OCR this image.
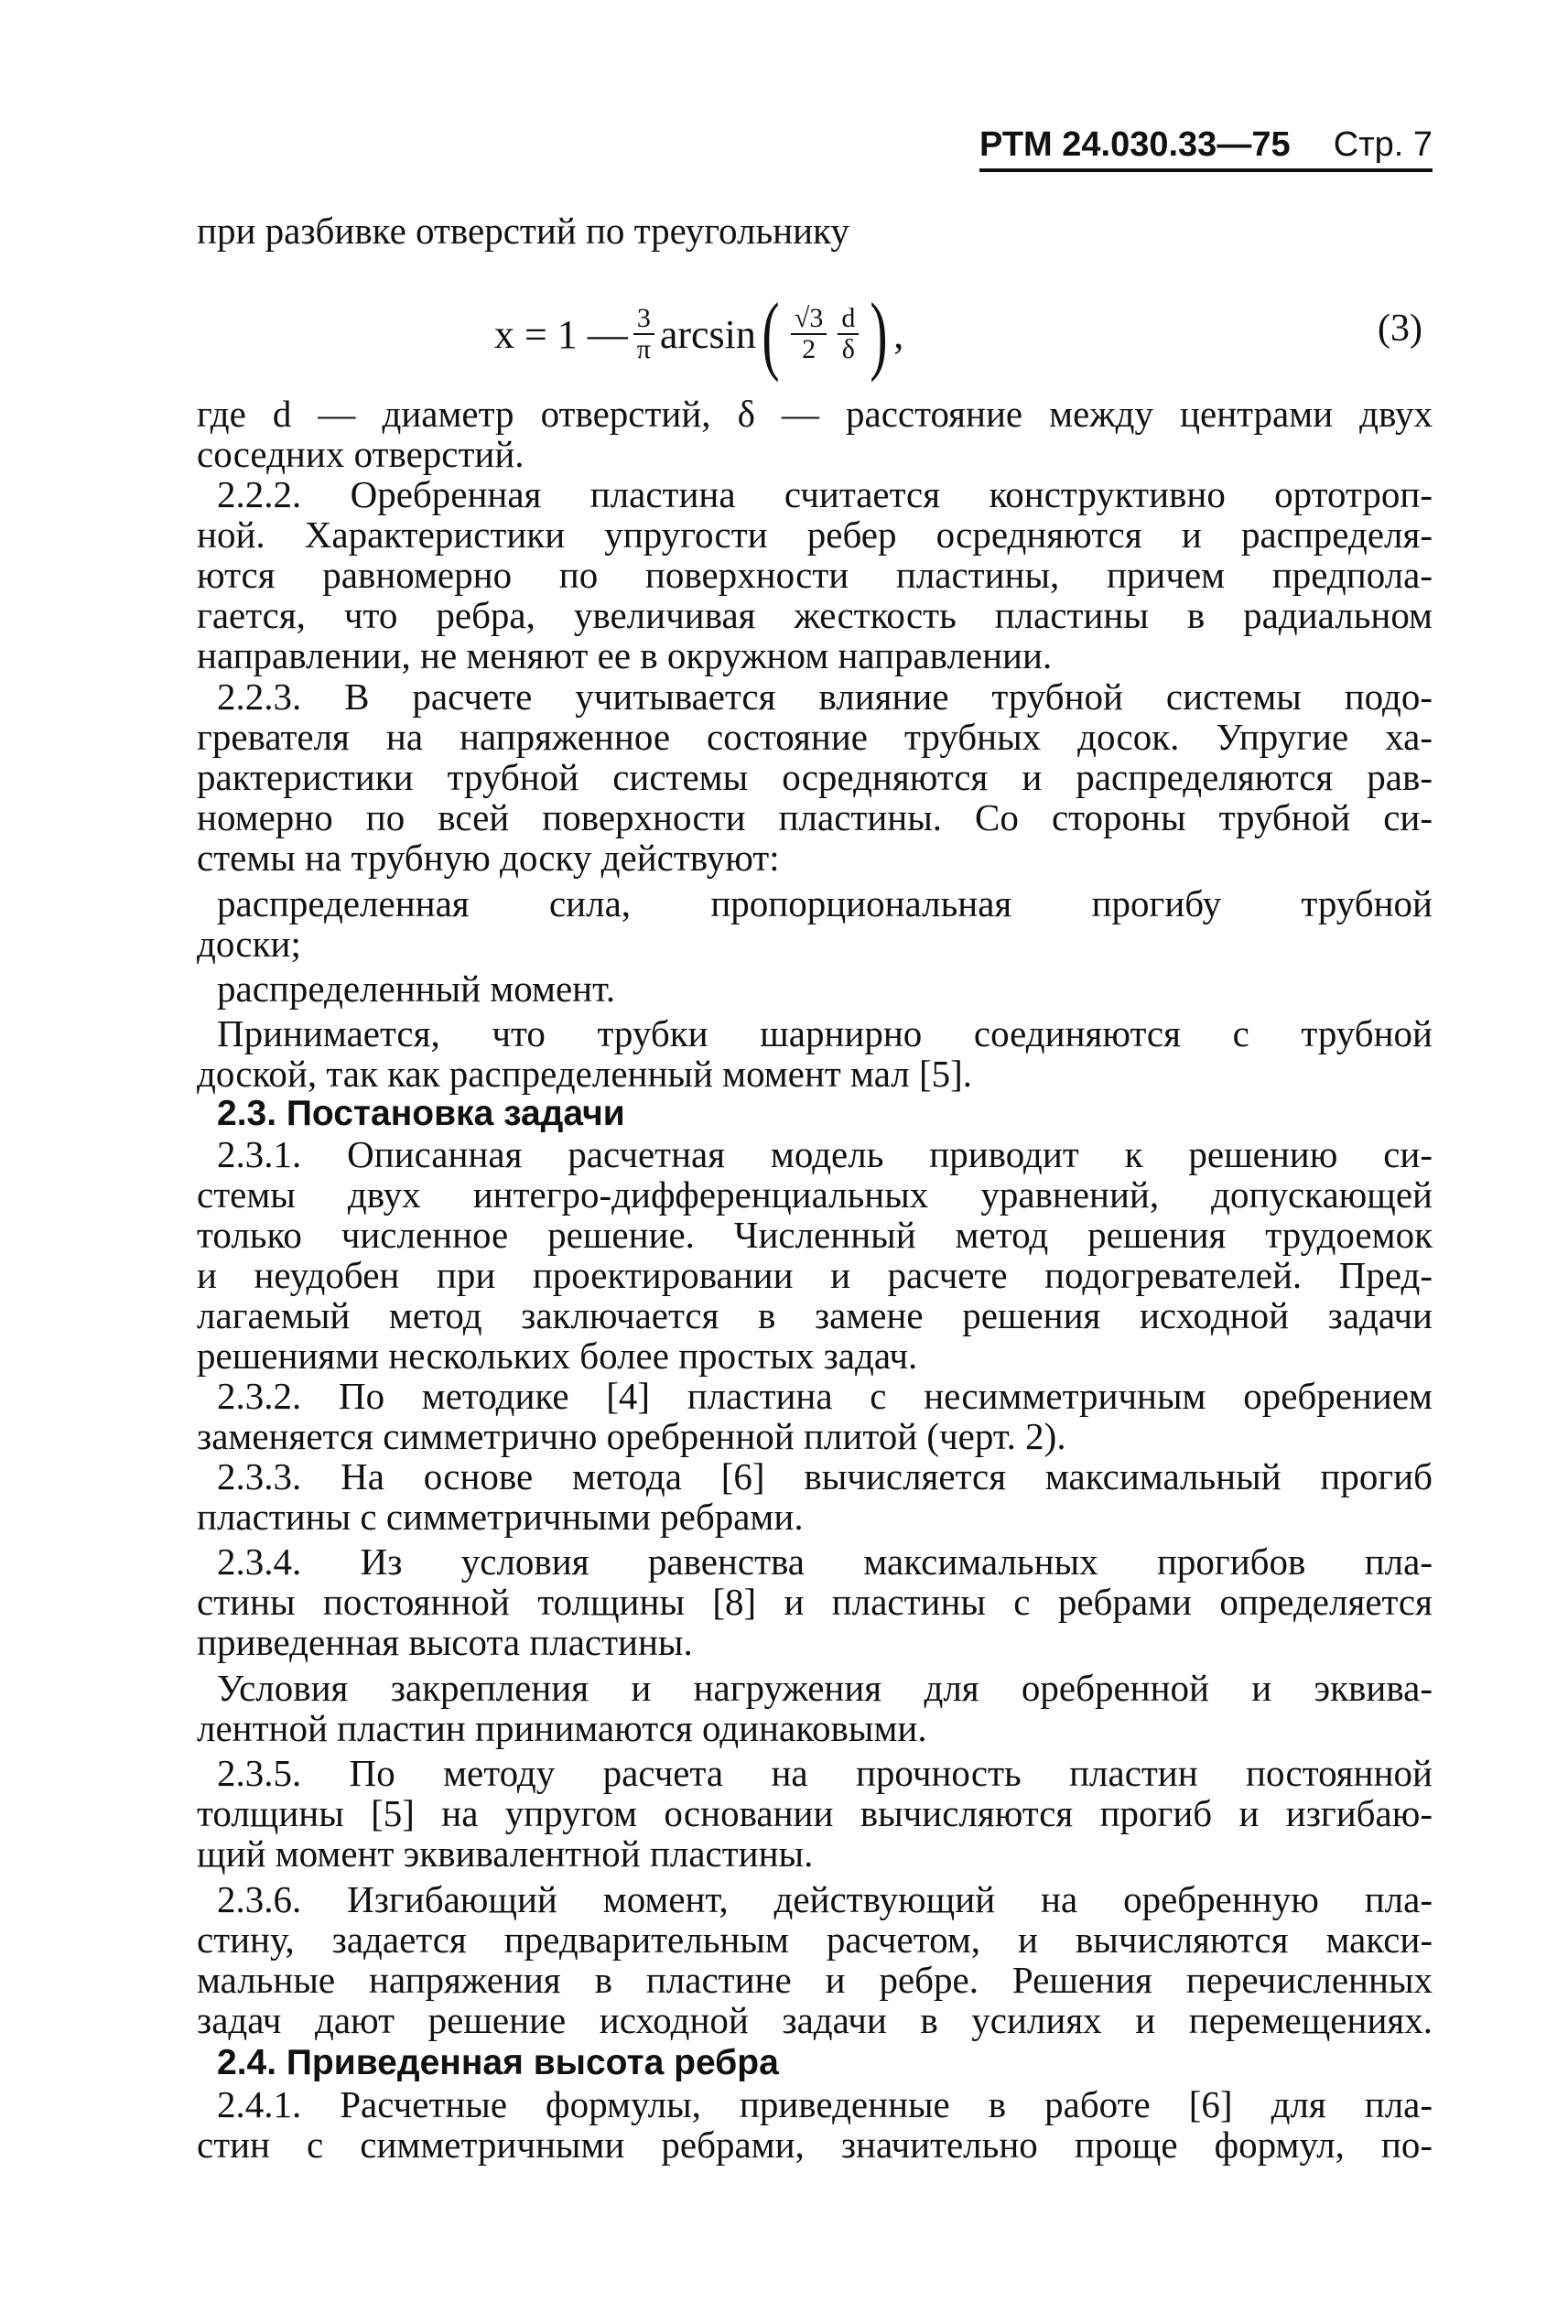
РТМ 24.030.33—75 Стр. 7

при разбивке отверстий по треугольнику

x = 1 — $\frac{3}{\pi}$ arcsin ( $\frac{√3}{2} \frac{d}{\delta}$ ) ,	(3)

где d — диаметр отверстий, δ — расстояние между центрами двух

соседних отверстий.

2.2.2. Оребренная пластина считается конструктивно ортотроп-

ной. Характеристики упругости ребер осредняются и распределя-

ются равномерно по поверхности пластины, причем предпола-

гается, что ребра, увеличивая жесткость пластины в радиальном

направлении, не меняют ее в окружном направлении.

2.2.3. В расчете учитывается влияние трубной системы подо-

гревателя на напряженное состояние трубных досок. Упругие ха-

рактеристики трубной системы осредняются и распределяются рав-

номерно по всей поверхности пластины. Со стороны трубной си-

стемы на трубную доску действуют:

распределенная сила, пропорциональная прогибу трубной

доски;

распределенный момент.

Принимается, что трубки шарнирно соединяются с трубной

доской, так как распределенный момент мал [5].

2.3. Постановка задачи

2.3.1. Описанная расчетная модель приводит к решению си-

стемы двух интегро-дифференциальных уравнений, допускающей

только численное решение. Численный метод решения трудоемок

и неудобен при проектировании и расчете подогревателей. Пред-

лагаемый метод заключается в замене решения исходной задачи

решениями нескольких более простых задач.

2.3.2. По методике [4] пластина с несимметричным оребрением

заменяется симметрично оребренной плитой (черт. 2).

2.3.3. На основе метода [6] вычисляется максимальный прогиб

пластины с симметричными ребрами.

2.3.4. Из условия равенства максимальных прогибов пла-

стины постоянной толщины [8] и пластины с ребрами определяется

приведенная высота пластины.

Условия закрепления и нагружения для оребренной и эквива-

лентной пластин принимаются одинаковыми.

2.3.5. По методу расчета на прочность пластин постоянной

толщины [5] на упругом основании вычисляются прогиб и изгибаю-

щий момент эквивалентной пластины.

2.3.6. Изгибающий момент, действующий на оребренную пла-

стину, задается предварительным расчетом, и вычисляются макси-

мальные напряжения в пластине и ребре. Решения перечисленных

задач дают решение исходной задачи в усилиях и перемещениях.

2.4. Приведенная высота ребра

2.4.1. Расчетные формулы, приведенные в работе [6] для пла-

стин с симметричными ребрами, значительно проще формул, по-
